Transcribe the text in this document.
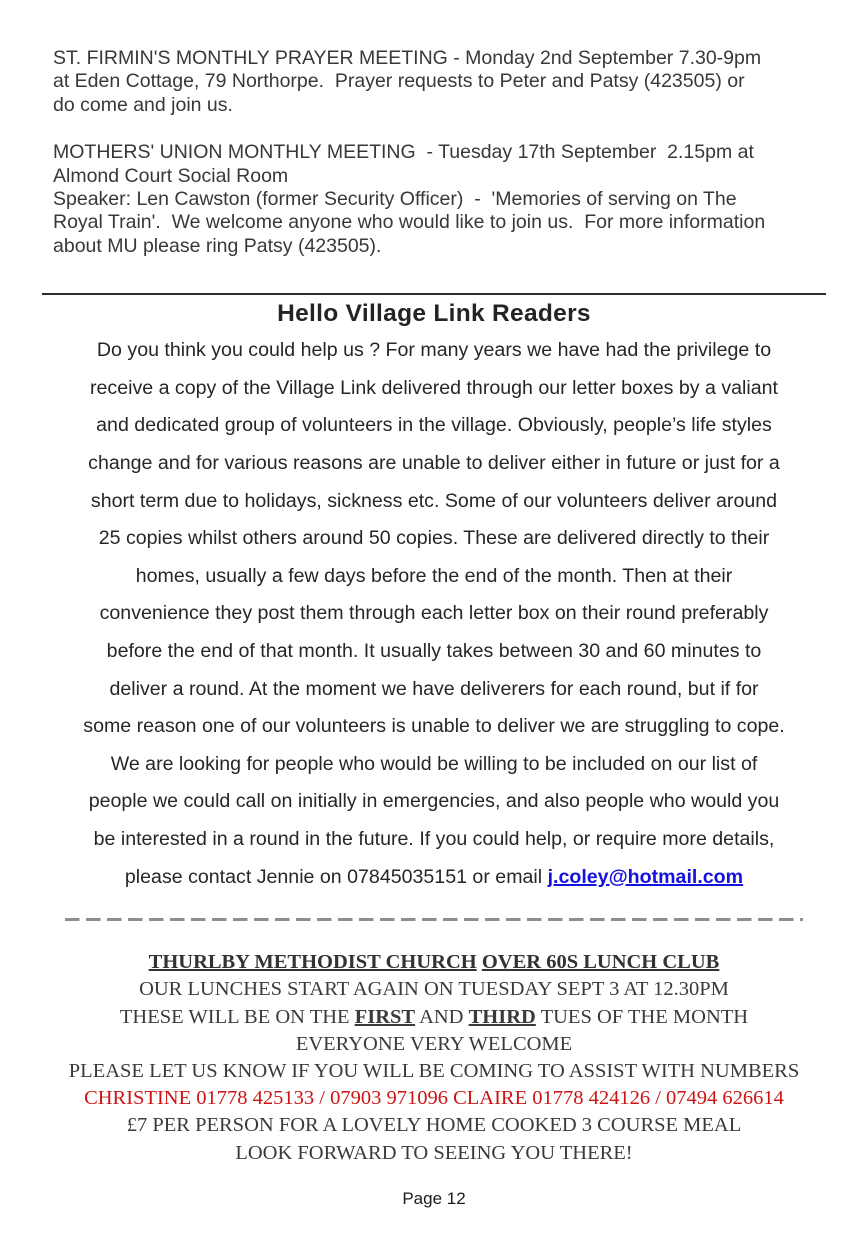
ST. FIRMIN'S MONTHLY PRAYER MEETING - Monday 2nd September 7.30-9pm
at Eden Cottage, 79 Northorpe.  Prayer requests to Peter and Patsy (423505) or
do come and join us.
MOTHERS' UNION MONTHLY MEETING  - Tuesday 17th September  2.15pm at
Almond Court Social Room
Speaker: Len Cawston (former Security Officer)  -  'Memories of serving on The
Royal Train'.  We welcome anyone who would like to join us.  For more information
about MU please ring Patsy (423505).
Hello Village Link Readers
Do you think you could help us ? For many years we have had the privilege to
receive a copy of the Village Link delivered through our letter boxes by a valiant
and dedicated group of volunteers in the village. Obviously, people’s life styles
change and for various reasons are unable to deliver either in future or just for a
short term due to holidays, sickness etc. Some of our volunteers deliver around
25 copies whilst others around 50 copies. These are delivered directly to their
homes, usually a few days before the end of the month. Then at their
convenience they post them through each letter box on their round preferably
before the end of that month. It usually takes between 30 and 60 minutes to
deliver a round. At the moment we have deliverers for each round, but if for
some reason one of our volunteers is unable to deliver we are struggling to cope.
We are looking for people who would be willing to be included on our list of
people we could call on initially in emergencies, and also people who would you
be interested in a round in the future. If you could help, or require more details,
please contact Jennie on 07845035151 or email j.coley@hotmail.com
THURLBY METHODIST CHURCH OVER 60S LUNCH CLUB
OUR LUNCHES START AGAIN ON TUESDAY SEPT 3 AT 12.30PM
THESE WILL BE ON THE FIRST AND THIRD TUES OF THE MONTH
EVERYONE VERY WELCOME
PLEASE LET US KNOW IF YOU WILL BE COMING TO ASSIST WITH NUMBERS
CHRISTINE 01778 425133 / 07903 971096 CLAIRE 01778 424126 / 07494 626614
£7 PER PERSON FOR A LOVELY HOME COOKED 3 COURSE MEAL
LOOK FORWARD TO SEEING YOU THERE!
Page 12
